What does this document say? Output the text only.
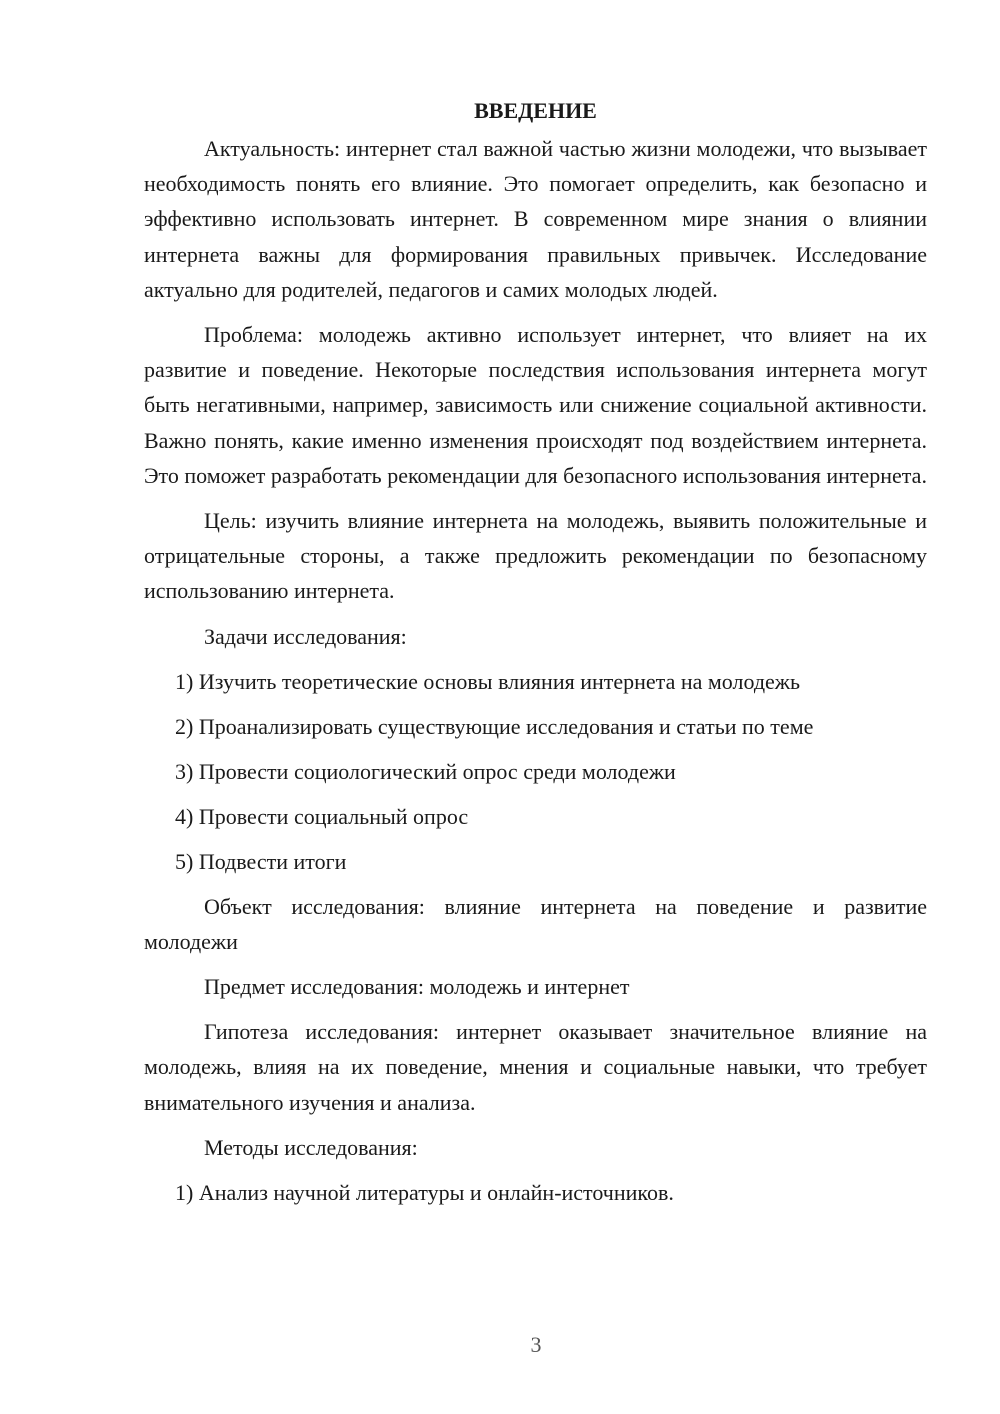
ВВЕДЕНИЕ

Актуальность: интернет стал важной частью жизни молодежи, что вызывает необходимость понять его влияние. Это помогает определить, как безопасно и эффективно использовать интернет. В современном мире знания о влиянии интернета важны для формирования правильных привычек. Исследование актуально для родителей, педагогов и самих молодых людей.

Проблема: молодежь активно использует интернет, что влияет на их развитие и поведение. Некоторые последствия использования интернета могут быть негативными, например, зависимость или снижение социальной активности. Важно понять, какие именно изменения происходят под воздействием интернета. Это поможет разработать рекомендации для безопасного использования интернета.

Цель: изучить влияние интернета на молодежь, выявить положительные и отрицательные стороны, а также предложить рекомендации по безопасному использованию интернета.

Задачи исследования:

1) Изучить теоретические основы влияния интернета на молодежь

2) Проанализировать существующие исследования и статьи по теме

3) Провести социологический опрос среди молодежи

4) Провести социальный опрос

5) Подвести итоги

Объект исследования: влияние интернета на поведение и развитие молодежи

Предмет исследования: молодежь и интернет

Гипотеза исследования: интернет оказывает значительное влияние на молодежь, влияя на их поведение, мнения и социальные навыки, что требует внимательного изучения и анализа.

Методы исследования:

1) Анализ научной литературы и онлайн-источников.

3
